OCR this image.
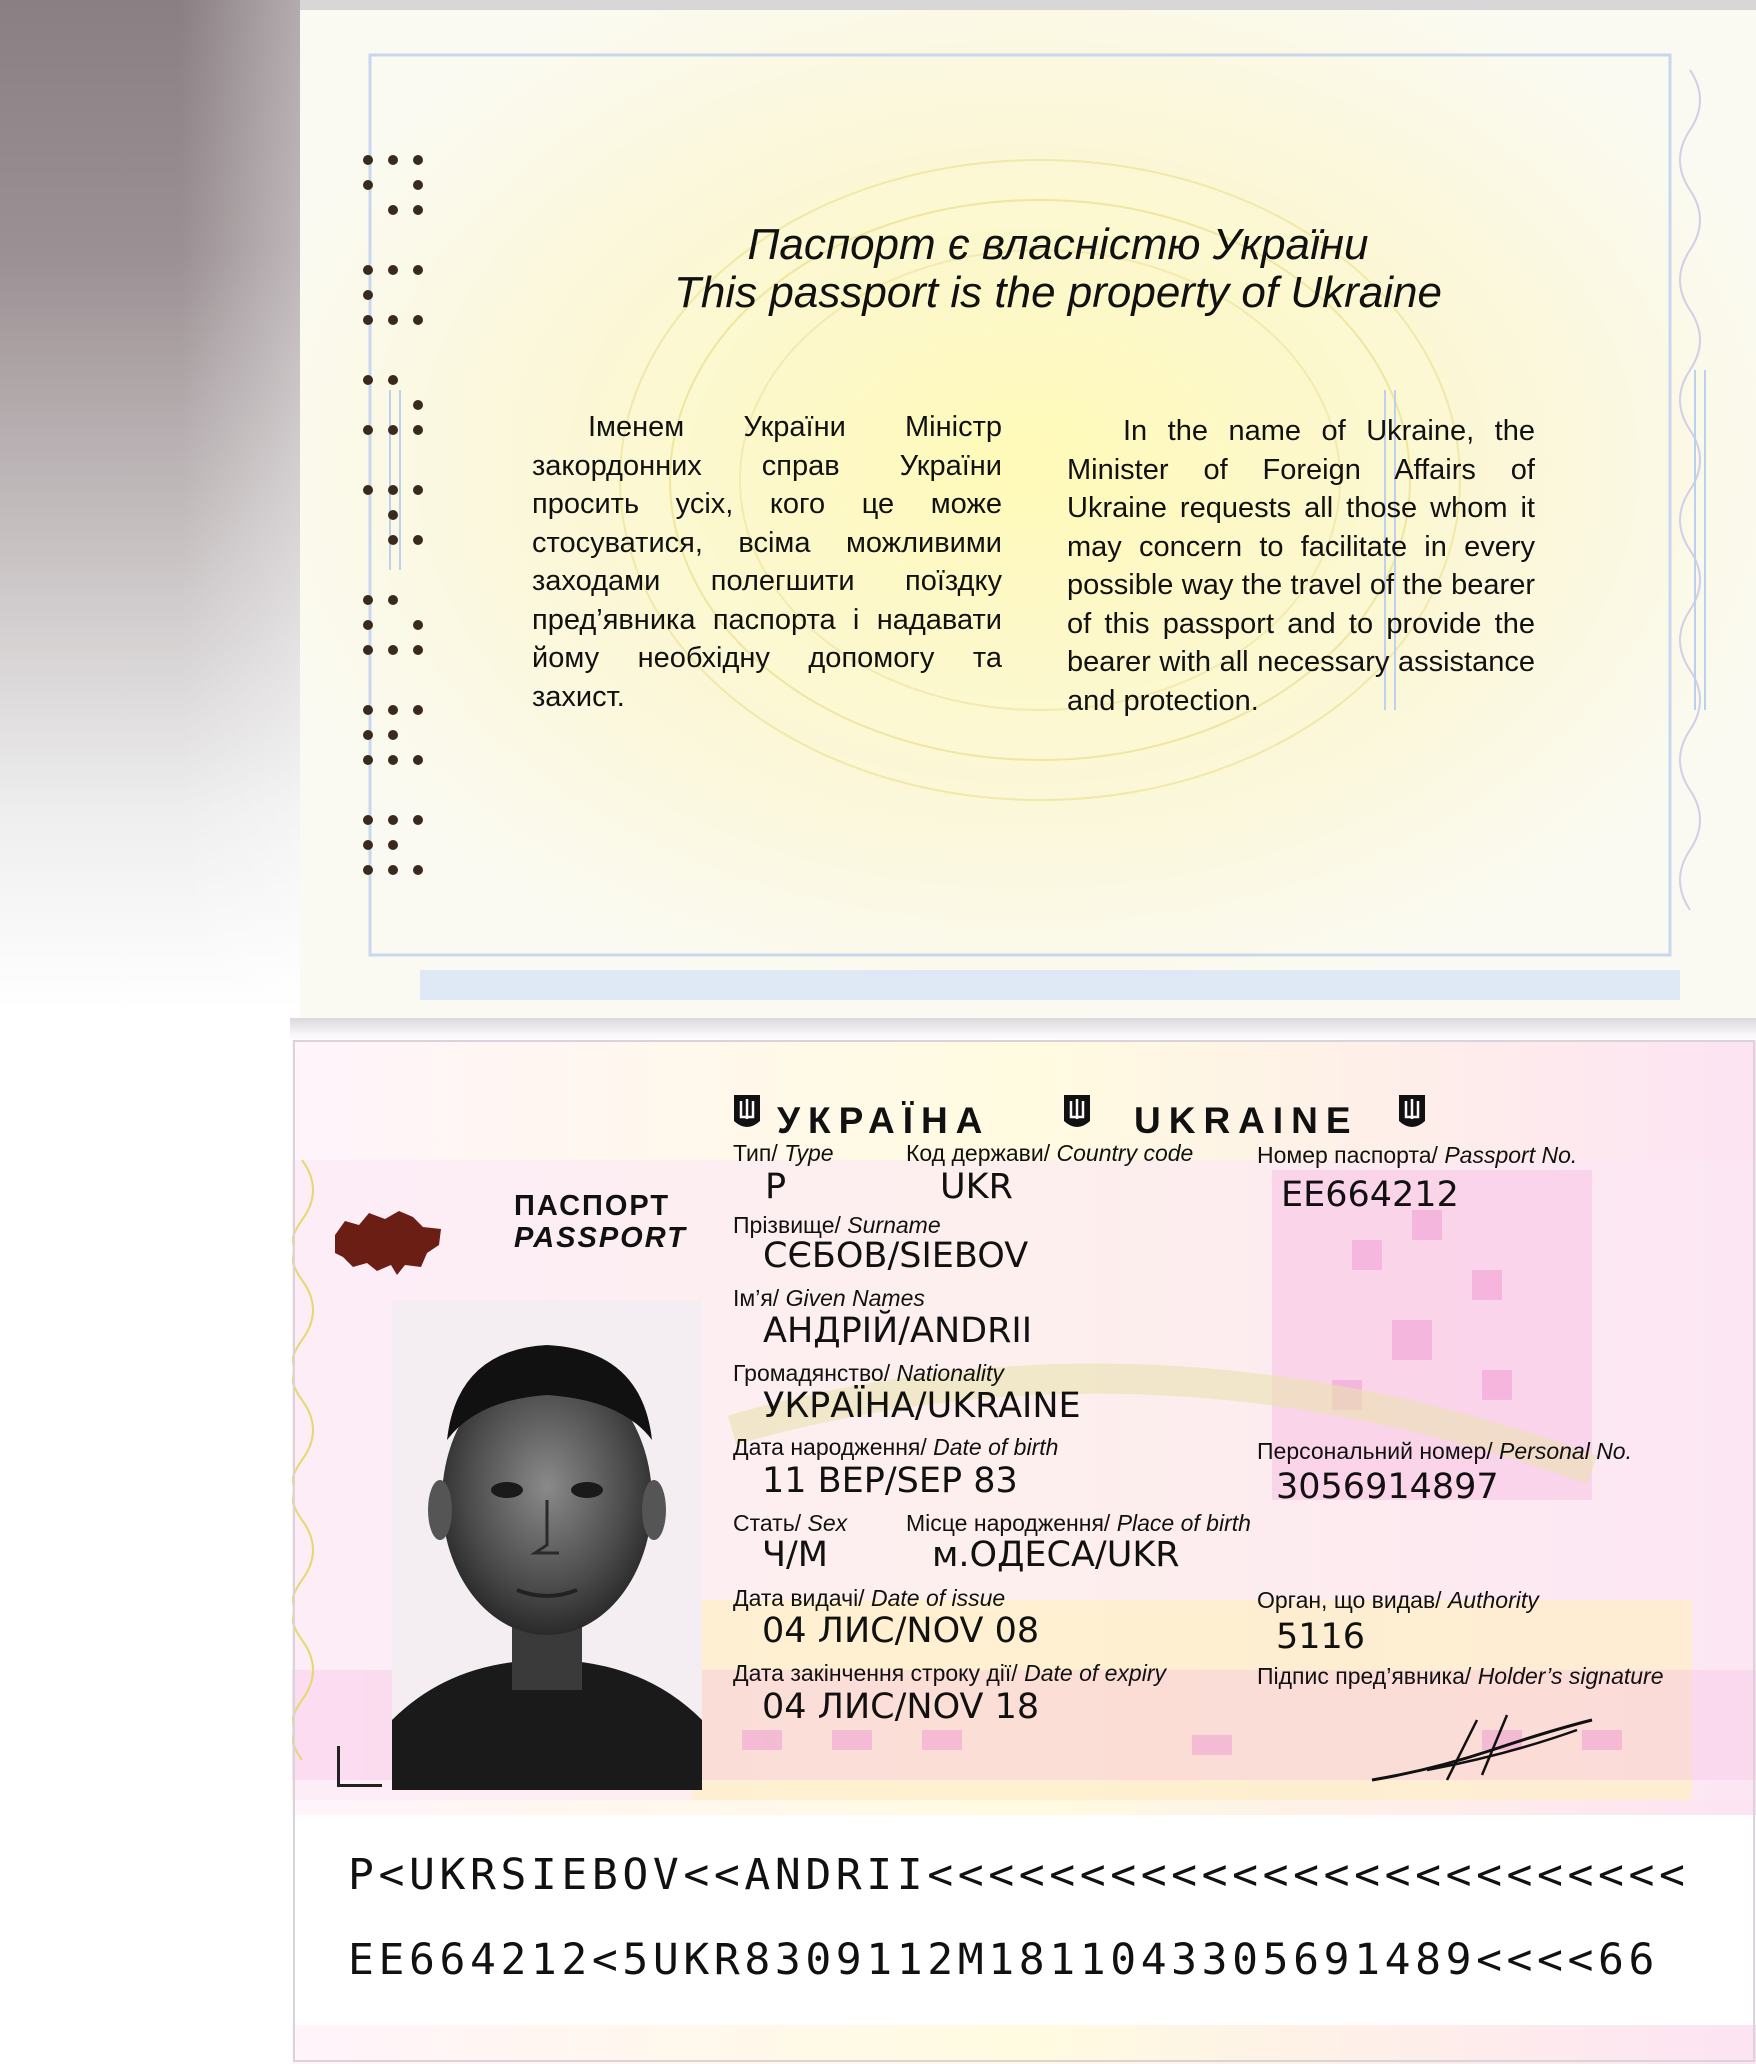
Паспорт є власністю України
This passport is the property of Ukraine

Іменем України Міністр закордонних справ України просить усіх, кого це може стосуватися, всіма можливими заходами полегшити поїздку пред’явника паспорта і надавати йому необхідну допомогу та захист.

In the name of Ukraine, the Minister of Foreign Affairs of Ukraine requests all those whom it may concern to facilitate in every possible way the travel of the bearer of this passport and to provide the bearer with all necessary assistance and protection.

ПАСПОРТ
PASSPORT
УКРАЇНА	UKRAINE
Тип/ Type
P
Код держави/ Country code
UKR
Номер паспорта/ Passport No.
EE664212
Прізвище/ Surname
СЄБОВ/SIEBOV
Ім’я/ Given Names
АНДРІЙ/ANDRII
Громадянство/ Nationality
УКРАЇНА/UKRAINE
Дата народження/ Date of birth
11 ВЕР/SEP 83
Персональний номер/ Personal No.
3056914897
Стать/ Sex
Ч/M
Місце народження/ Place of birth
м.ОДЕСА/UKR
Дата видачі/ Date of issue
04 ЛИС/NOV 08
Орган, що видав/ Authority
5116
Дата закінчення строку дії/ Date of expiry
04 ЛИС/NOV 18
Підпис пред’явника/ Holder’s signature
P<UKRSIEBOV<<ANDRII<<<<<<<<<<<<<<<<<<<<<<<<<
EE664212<5UKR8309112M1811043305691489<<<<66
